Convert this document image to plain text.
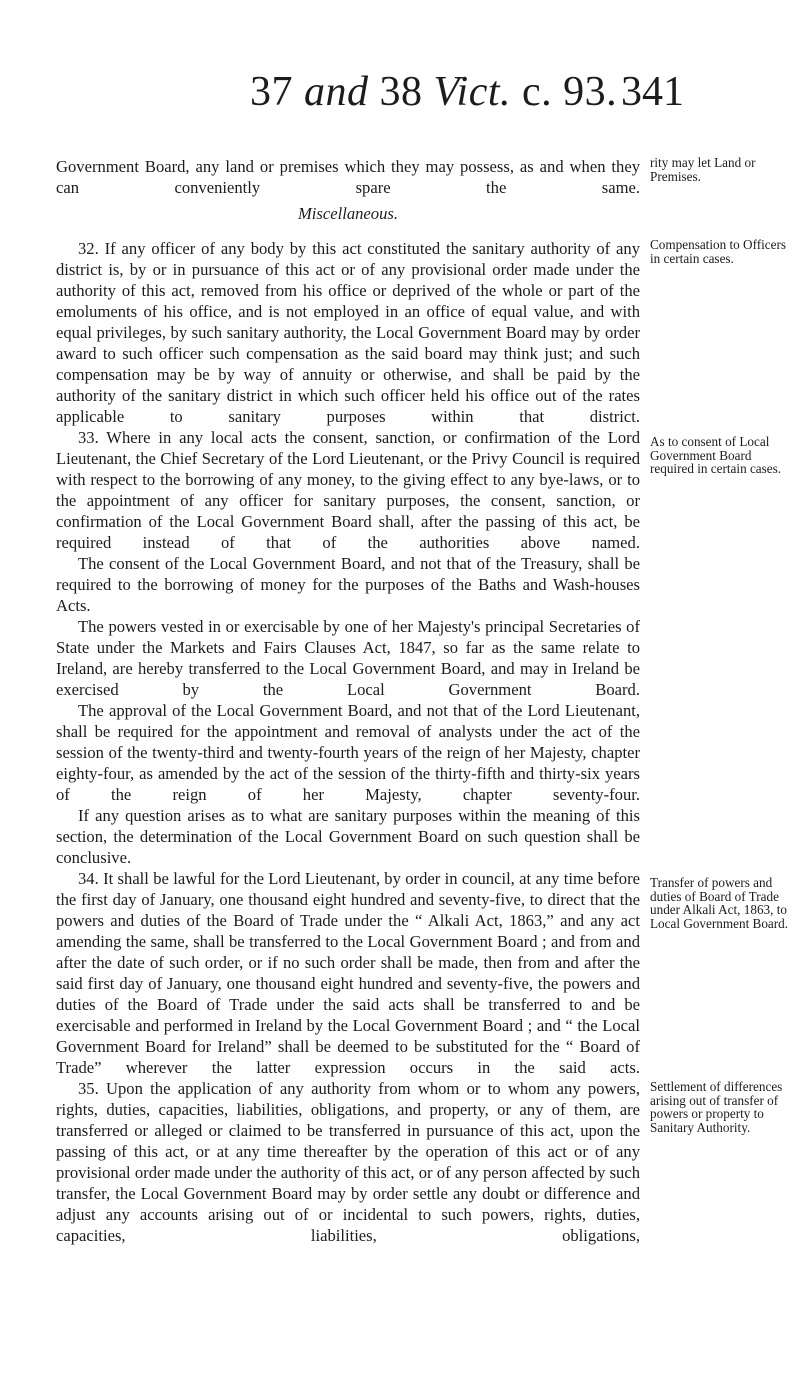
37 and 38 Vict. c. 93. 341

Government Board, any land or premises which they may possess, as and when they can conveniently spare the same.

rity may let Land or Premises.
Miscellaneous.

32. If any officer of any body by this act constituted the sanitary authority of any district is, by or in pursuance of this act or of any provisional order made under the authority of this act, removed from his office or deprived of the whole or part of the emoluments of his office, and is not employed in an office of equal value, and with equal privileges, by such sanitary authority, the Local Government Board may by order award to such officer such compensation as the said board may think just; and such compensation may be by way of annuity or otherwise, and shall be paid by the authority of the sanitary district in which such officer held his office out of the rates applicable to sanitary purposes within that district.

Compensation to Officers in certain cases.

33. Where in any local acts the consent, sanction, or confirmation of the Lord Lieutenant, the Chief Secretary of the Lord Lieutenant, or the Privy Council is required with respect to the borrowing of any money, to the giving effect to any bye-laws, or to the appointment of any officer for sanitary purposes, the consent, sanction, or confirmation of the Local Government Board shall, after the passing of this act, be required instead of that of the authorities above named.

As to consent of Local Government Board required in certain cases.

The consent of the Local Government Board, and not that of the Treasury, shall be required to the borrowing of money for the purposes of the Baths and Wash-houses Acts.

The powers vested in or exercisable by one of her Majesty's principal Secretaries of State under the Markets and Fairs Clauses Act, 1847, so far as the same relate to Ireland, are hereby transferred to the Local Government Board, and may in Ireland be exercised by the Local Government Board.

The approval of the Local Government Board, and not that of the Lord Lieutenant, shall be required for the appointment and removal of analysts under the act of the session of the twenty-third and twenty-fourth years of the reign of her Majesty, chapter eighty-four, as amended by the act of the session of the thirty-fifth and thirty-six years of the reign of her Majesty, chapter seventy-four.

If any question arises as to what are sanitary purposes within the meaning of this section, the determination of the Local Government Board on such question shall be conclusive.

34. It shall be lawful for the Lord Lieutenant, by order in council, at any time before the first day of January, one thousand eight hundred and seventy-five, to direct that the powers and duties of the Board of Trade under the “ Alkali Act, 1863,” and any act amending the same, shall be transferred to the Local Government Board ; and from and after the date of such order, or if no such order shall be made, then from and after the said first day of January, one thousand eight hundred and seventy-five, the powers and duties of the Board of Trade under the said acts shall be transferred to and be exercisable and performed in Ireland by the Local Government Board ; and “ the Local Government Board for Ireland” shall be deemed to be substituted for the “ Board of Trade” wherever the latter expression occurs in the said acts.

Transfer of powers and duties of Board of Trade under Alkali Act, 1863, to Local Government Board.

35. Upon the application of any authority from whom or to whom any powers, rights, duties, capacities, liabilities, obligations, and property, or any of them, are transferred or alleged or claimed to be transferred in pursuance of this act, upon the passing of this act, or at any time thereafter by the operation of this act or of any provisional order made under the authority of this act, or of any person affected by such transfer, the Local Government Board may by order settle any doubt or difference and adjust any accounts arising out of or incidental to such powers, rights, duties, capacities, liabilities, obligations,

Settlement of differences arising out of transfer of powers or property to Sanitary Authority.
